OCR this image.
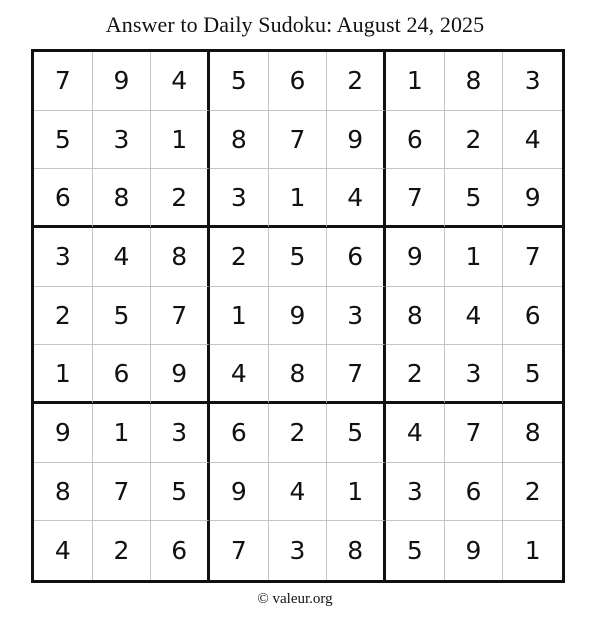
Answer to Daily Sudoku: August 24, 2025
7	9	4	5	6	2	1	8	3
5	3	1	8	7	9	6	2	4
6	8	2	3	1	4	7	5	9
3	4	8	2	5	6	9	1	7
2	5	7	1	9	3	8	4	6
1	6	9	4	8	7	2	3	5
9	1	3	6	2	5	4	7	8
8	7	5	9	4	1	3	6	2
4	2	6	7	3	8	5	9	1
© valeur.org
